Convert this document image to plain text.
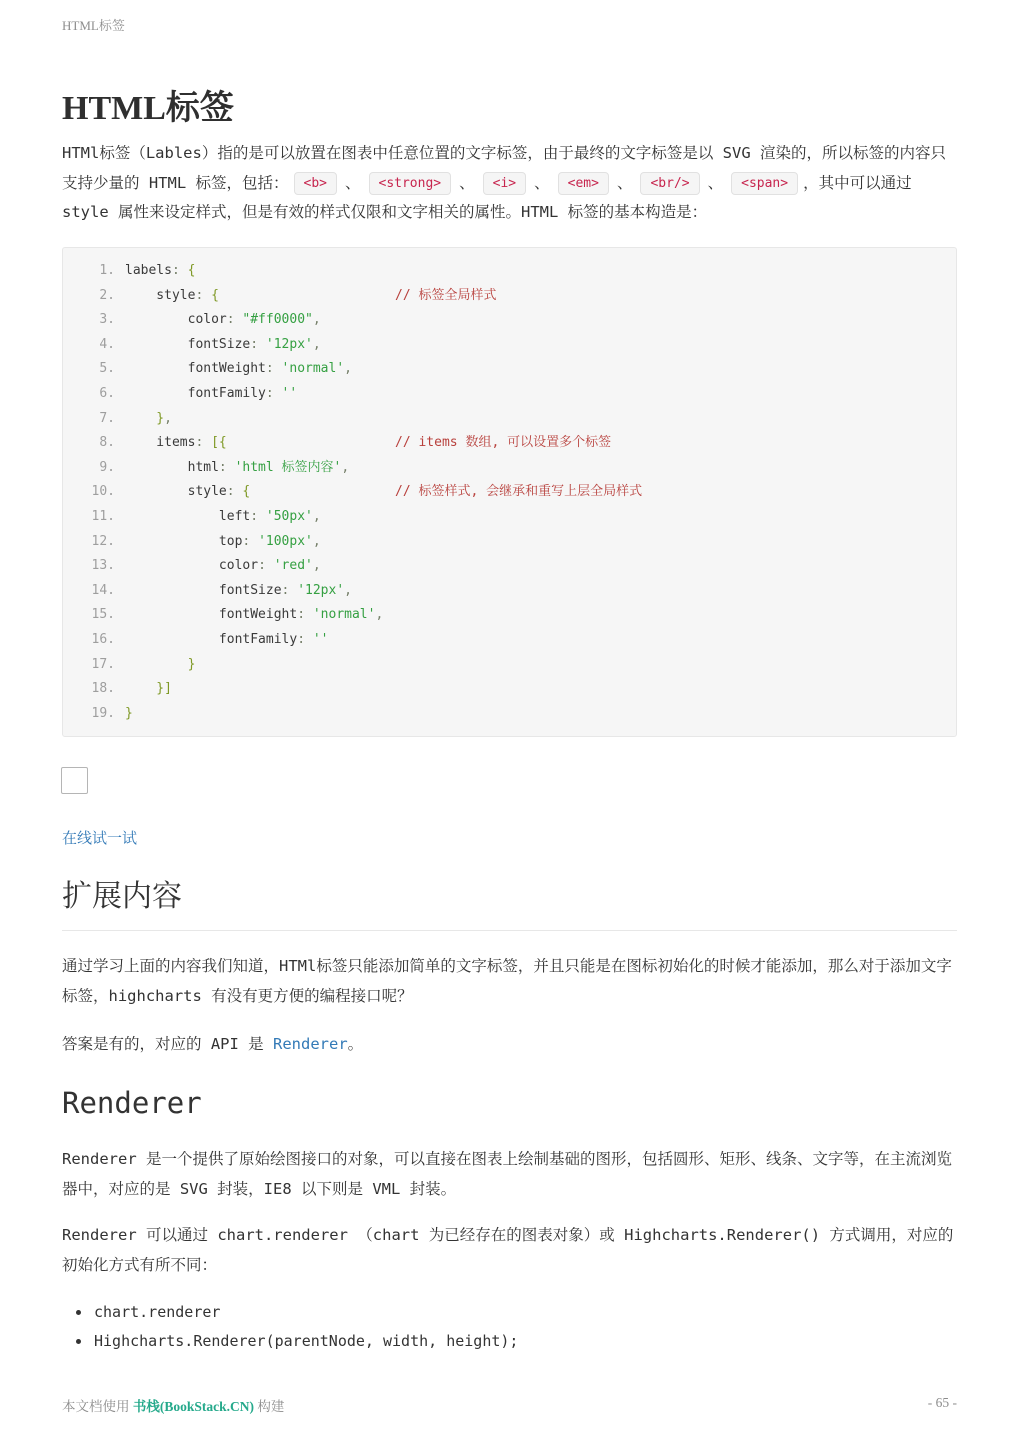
HTML标签
HTML标签

HTMl标签（Lables）指的是可以放置在图表中任意位置的文字标签，由于最终的文字标签是以 SVG 渲染的，所以标签的内容只支持少量的 HTML 标签，包括： <b> 、 <strong> 、 <i> 、 <em> 、 <br/> 、 <span> ，其中可以通过 style 属性来设定样式，但是有效的样式仅限和文字相关的属性。HTML 标签的基本构造是：

1. labels: {
2.    style: {	// 标签全局样式
3.        color: "#ff0000",
4.        fontSize: '12px',
5.        fontWeight: 'normal',
6.        fontFamily: ''
7.    },
8.    items: [{	// items 数组, 可以设置多个标签
9.        html: 'html 标签内容',
10.        style: {	// 标签样式, 会继承和重写上层全局样式
11.            left: '50px',
12.            top: '100px',
13.            color: 'red',
14.            fontSize: '12px',
15.            fontWeight: 'normal',
16.            fontFamily: ''
17.        }
18.    }]
19. }
在线试一试
扩展内容

通过学习上面的内容我们知道，HTMl标签只能添加简单的文字标签，并且只能是在图标初始化的时候才能添加，那么对于添加文字标签，highcharts 有没有更方便的编程接口呢？

答案是有的，对应的 API 是 Renderer。

Renderer

Renderer 是一个提供了原始绘图接口的对象，可以直接在图表上绘制基础的图形，包括圆形、矩形、线条、文字等，在主流浏览器中，对应的是 SVG 封装，IE8 以下则是 VML 封装。

Renderer 可以通过 chart.renderer （chart 为已经存在的图表对象）或 Highcharts.Renderer() 方式调用，对应的初始化方式有所不同：

• chart.renderer
• Highcharts.Renderer(parentNode, width, height);
本文档使用 书栈(BookStack.CN) 构建	- 65 -
